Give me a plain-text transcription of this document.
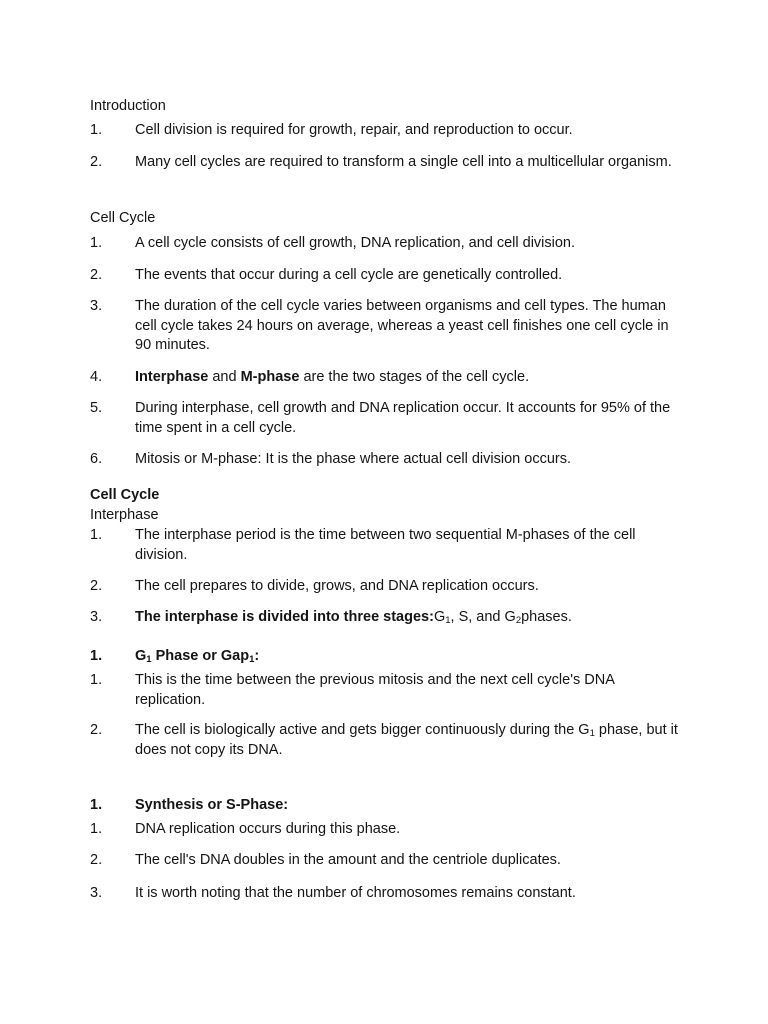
Introduction
1.	Cell division is required for growth, repair, and reproduction to occur.
2.	Many cell cycles are required to transform a single cell into a multicellular organism.
Cell Cycle
1.	A cell cycle consists of cell growth, DNA replication, and cell division.
2.	The events that occur during a cell cycle are genetically controlled.
3.	The duration of the cell cycle varies between organisms and cell types. The human cell cycle takes 24 hours on average, whereas a yeast cell finishes one cell cycle in 90 minutes.
4.	Interphase and M-phase are the two stages of the cell cycle.
5.	During interphase, cell growth and DNA replication occur. It accounts for 95% of the time spent in a cell cycle.
6.	Mitosis or M-phase: It is the phase where actual cell division occurs.
Cell Cycle
Interphase
1.	The interphase period is the time between two sequential M-phases of the cell division.
2.	The cell prepares to divide, grows, and DNA replication occurs.
3.	The interphase is divided into three $stages:G_1$, S, and $G_2phases$.
1.	$G_1$ Phase or Gap$_1$:
1.	This is the time between the previous mitosis and the next cell cycle's DNA replication.
2.	The cell is biologically active and gets bigger continuously during the $G_1$ phase, but it does not copy its DNA.
1.	Synthesis or S-Phase:
1.	DNA replication occurs during this phase.
2.	The cell's DNA doubles in the amount and the centriole duplicates.
3.	It is worth noting that the number of chromosomes remains constant.
